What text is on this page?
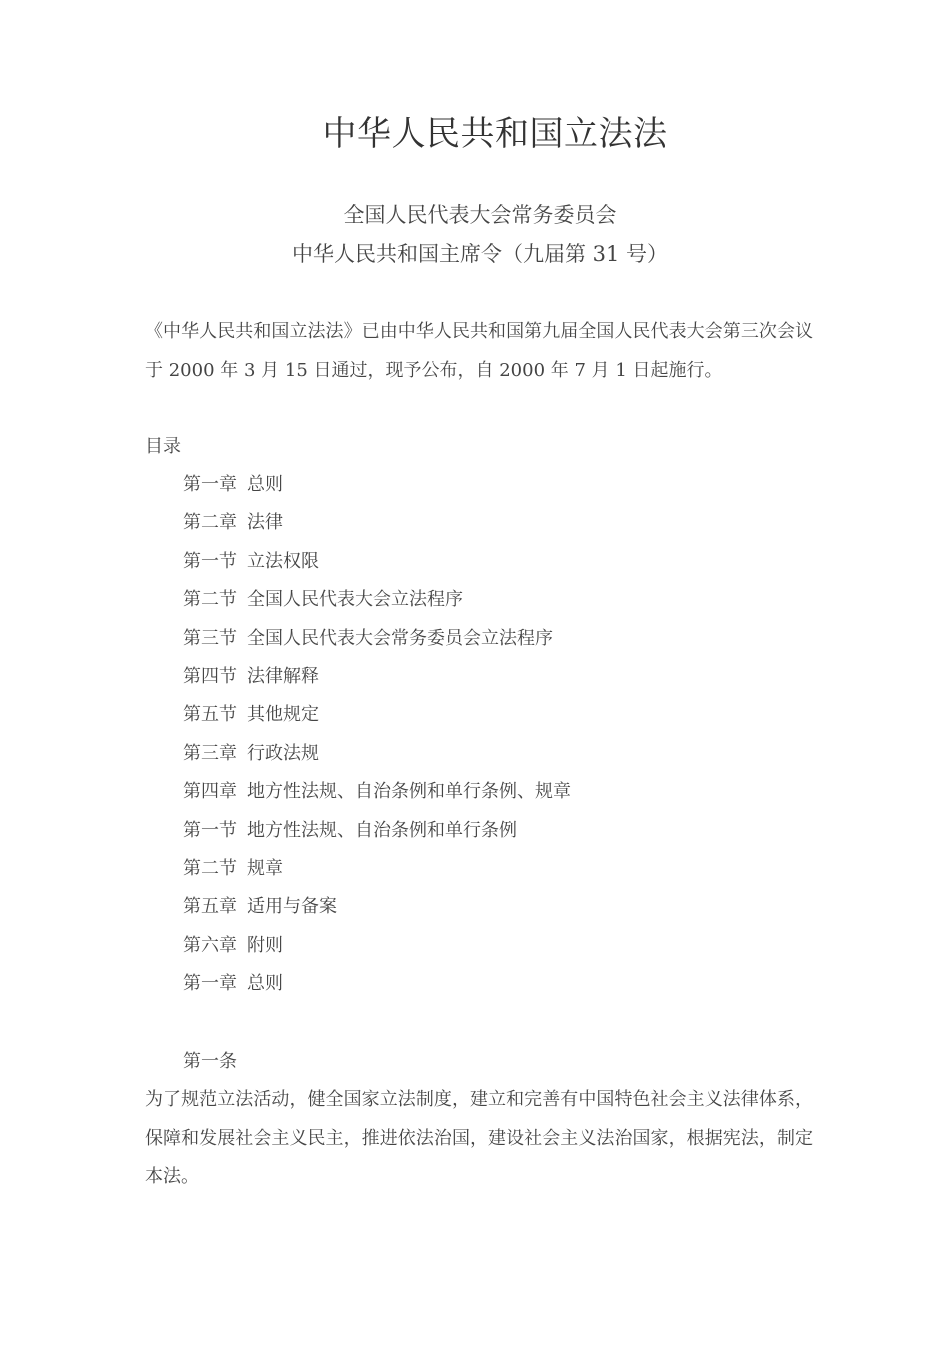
中华人民共和国立法法
全国人民代表大会常务委员会
中华人民共和国主席令（九届第 31 号）
《中华人民共和国立法法》已由中华人民共和国第九届全国人民代表大会第三次会议于 2000 年 3 月 15 日通过，现予公布，自 2000 年 7 月 1 日起施行。
目录
第一章 总则
第二章 法律
第一节 立法权限
第二节 全国人民代表大会立法程序
第三节 全国人民代表大会常务委员会立法程序
第四节 法律解释
第五节 其他规定
第三章 行政法规
第四章 地方性法规、自治条例和单行条例、规章
第一节 地方性法规、自治条例和单行条例
第二节 规章
第五章 适用与备案
第六章 附则
第一章 总则
第一条
为了规范立法活动，健全国家立法制度，建立和完善有中国特色社会主义法律体系，保障和发展社会主义民主，推进依法治国，建设社会主义法治国家，根据宪法，制定本法。
